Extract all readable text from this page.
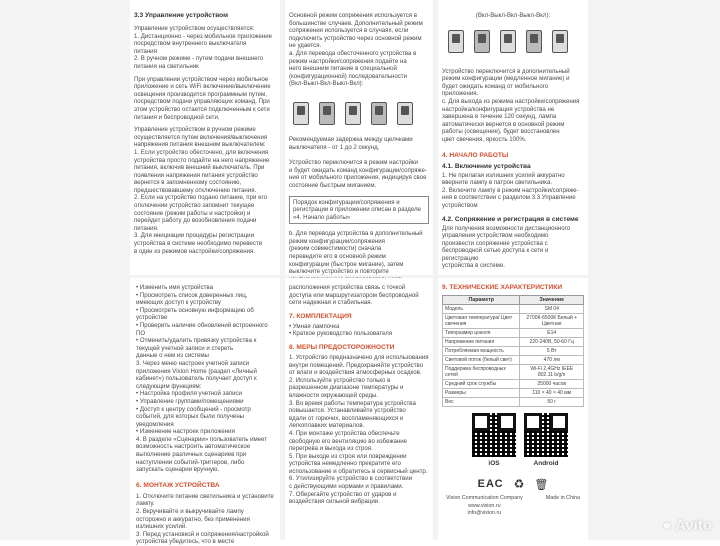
3.3 Управление устройством

Управление устройством осуществляется:

1. Дистанционно - через мобильное приложение

посредством внутреннего выключателя

питания

2. В ручном режиме - путем подачи внешнего

питания на светильник

При управлении устройством через мобильное

приложение и сеть WiFi включение/выключение

освещения производится программным путем,

посредством подачи управляющих команд. При

этом устройство остается подключенным к сети

питания и беспроводной сети.

Управление устройством в ручном режиме

осуществляется путем включения/выключения

напряжения питания внешним выключателем:

1. Если устройство обесточено, для включения

устройства просто подайте на него напряжение

питания, включив внешний выключатель. При

появлении напряжения питания устройство

вернется в запомненному состоянию,

предшествовавшему отключению питания.

2. Если на устройство подано питание, при его

отключении устройство запомнит текущее

состояние (режим работы и настройки) и

перейдет работу до возобновления подачи

питания.

3. Для инициации процедуры регистрации

устройства в системе необходимо перевести

в один из режимов настройки/сопряжения.

Основной режим сопряжения используется в

большинстве случаев. Дополнительный режим

сопряжения используется в случаях, если

подключить устройство через основной режим

не удается.

а. Для перевода обесточенного устройства в

режим настройки/сопряжения подайте на

него внешним питание в специальной

(конфигурационной) последовательности

(Вкл-Выкл-Вкл-Выкл-Вкл):

Рекомендуемая задержка между щелчками выключателя - от 1 до 2 секунд.

Устройство переключится в режим настройки

и будет ожидать команд конфигурации/сопряже-

ния от мобильного приложения, индицируя свое

состояние быстрым миганием.

Порядок конфигурации/сопряжения и регистрации в приложении описан в разделе «4. Начало работы»

b. Для перевода устройства в дополнительный

режим конфигурации/сопряжения

(режим совместимости) сначала

переведите его в основной режим

конфигурации (быстрое мигание), затем

выключите устройство и повторите

(Вкл-Выкл-Вкл-Выкл-Вкл):

Устройство переключится в дополнительный

режим конфигурации (медленное мигание) и

будет ожидать команд от мобильного

приложения.

с. Для выхода из режима настройки/сопряжения

настройка/конфигурация устройства не

завершена в течение 120 секунд, лампа

автоматически вернется в основной режим

работы (освещение), будет восстановлен

цвет свечения, яркость 100%.

4. НАЧАЛО РАБОТЫ

4.1. Включение устройства

1. Не прилагая излишних усилий аккуратно

вверните лампу в патрон светильника.

2. Включите лампу в режим настройки/сопряже-

ния в соответствии с разделом 3.3 Управление

устройством

4.2. Сопряжение и регистрация в системе

Для получения возможности дистанционного

управления устройством необходимо

произвести сопряжение устройства с

беспроводной сетью доступа к сети и регистрацию

устройства в системе.

• Изменить имя устройства

• Просмотреть список доверенных лиц,

имеющих доступ к устройству

• Просмотреть основную информацию об

устройстве

• Проверить наличие обновлений встроенного

ПО

• Отменить/удалить привязку устройства к

текущей учетной записи и стереть

данные о нем из системы

3. Через меню настроек учетной записи

приложения Vixion Home (раздел «Личный

кабинет») пользователь получает доступ к

следующим функциям:

• Настройка профиля учетной записи

• Управление группами/помещениями

• Доступ к центру сообщений - просмотр

событий, для которых были получены

уведомления

• Изменение настроек приложения

4. В разделе «Сценарии» пользователь имеет

возможность настроить автоматическое

выполнение различных сценариев при

наступлении событий-триггеров, либо

запускать сценарии вручную.

6. МОНТАЖ УСТРОЙСТВА

1. Отключите питание светильника и установите

лампу.

2. Вкручивайте и выкручивайте лампу

осторожно и аккуратно, без применения

излишних усилий.

3. Перед установкой и сопряжения/настройкой

устройства убедитесь, что в месте

расположения устройства связь с точкой

доступа или маршрутизатором беспроводной

сети надежная и стабильная.

7. КОМПЛЕКТАЦИЯ

• Умная лампочка

• Краткое руководство пользователя

8. МЕРЫ ПРЕДОСТОРОЖНОСТИ

1. Устройство предназначено для использования

внутри помещений. Предохраняйте устройство

от влаги и воздействия атмосферных осадков.

2. Используйте устройство только в

разрешенном диапазоне температуры и

влажности окружающей среды.

3. Во время работы температура устройства

повышается. Устанавливайте устройство

вдали от горючих, воспламеняющихся и

легкоплавких материалов.

4. При монтаже устройства обеспечьте

свободную его вентиляцию во избежание

перегрева и выхода из строя.

5. При выходе из строя или повреждении

устройства немедленно прекратите его

использование и обратитесь в сервисный центр.

6. Утилизируйте устройство в соответствии

с действующими нормами и правилами.

7. Оберегайте устройство от ударов и

воздействия сильной вибрации.

9. ТЕХНИЧЕСКИЕ ХАРАКТЕРИСТИКИ

Параметр	Значение
Модель	SM 04
Цветовая температура/ Цвет свечения	2700К-6500К Белый + Цветная
Типоразмер цоколя	E14
Напряжение питания	220-240В, 50-60 Гц
Потребляемая мощность	5 Вт
Световой поток (белый свет)	470 лм
Поддержка беспроводных сетей	Wi-Fi 2,4GHz IEEE 802.11 b/g/n
Средний срок службы	25000 часов
Размеры	110 × 40 × 40 мм
Вес	50 г
iOS	Android
ЕАС ♻ 🗑

Vixion Communication Company

www.vixion.ru

info@vixion.ru

Made in China

● Avito
